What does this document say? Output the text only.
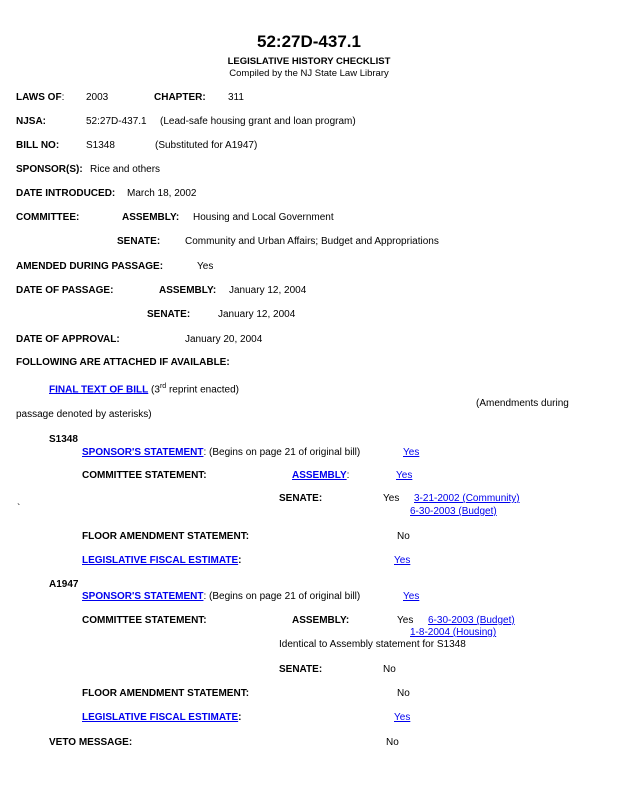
52:27D-437.1
LEGISLATIVE HISTORY CHECKLIST
Compiled by the NJ State Law Library
LAWS OF: 2003	CHAPTER: 311
NJSA:	52:27D-437.1 (Lead-safe housing grant and loan program)
BILL NO:	S1348	(Substituted for A1947)
SPONSOR(S): Rice and others
DATE INTRODUCED: March 18, 2002
COMMITTEE:	ASSEMBLY: Housing and Local Government
SENATE: Community and Urban Affairs; Budget and Appropriations
AMENDED DURING PASSAGE:	Yes
DATE OF PASSAGE:	ASSEMBLY: January 12, 2004
SENATE:	January 12, 2004
DATE OF APPROVAL:	January 20, 2004
FOLLOWING ARE ATTACHED IF AVAILABLE:
FINAL TEXT OF BILL (3rd reprint enacted)
(Amendments during
passage denoted by asterisks)
S1348
SPONSOR'S STATEMENT: (Begins on page 21 of original bill)	Yes
COMMITTEE STATEMENT:	ASSEMBLY:	Yes
`
SENATE:	Yes 3-21-2002 (Community)
6-30-2003 (Budget)
FLOOR AMENDMENT STATEMENT:	No
LEGISLATIVE FISCAL ESTIMATE:	Yes
A1947
SPONSOR'S STATEMENT: (Begins on page 21 of original bill)	Yes
COMMITTEE STATEMENT:	ASSEMBLY:	Yes 6-30-2003 (Budget)
1-8-2004 (Housing)
Identical to Assembly statement for S1348
SENATE:	No
FLOOR AMENDMENT STATEMENT:	No
LEGISLATIVE FISCAL ESTIMATE:	Yes
VETO MESSAGE:	No
